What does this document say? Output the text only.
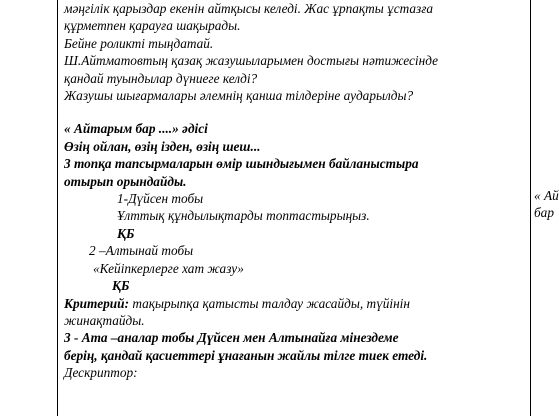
мәңгілік қарыздар екенін айтқысы келеді. Жас ұрпақты ұстазға

құрметпен қарауға шақырады.

Бейне роликті тыңдатай.

Ш.Айтматовтың қазақ жазушыларымен достығы нәтижесінде

қандай туындылар дүниеге келді?

Жазушы шығармалары әлемнің қанша тілдеріне аударылды?

« Айтарым бар ....» әдісі

Өзің ойлан, өзің ізден, өзің шеш...

3 топқа тапсырмаларын өмір шындығымен байланыстыра

отырып орындайды.

1-Дүйсен тобы

Ұлттық құндылықтарды топтастырыңыз.

ҚБ

2 –Алтынай тобы

«Кейіпкерлерге хат жазу»

ҚБ

Критерий: тақырыпқа қатысты талдау жасайды, түйінін

жинақтайды.

3 - Ата –аналар тобы Дүйсен мен Алтынайға мінездеме

берің, қандай қасиеттері ұнағанын жайлы тілге тиек етеді.

Дескриптор:

« Ай

бар
